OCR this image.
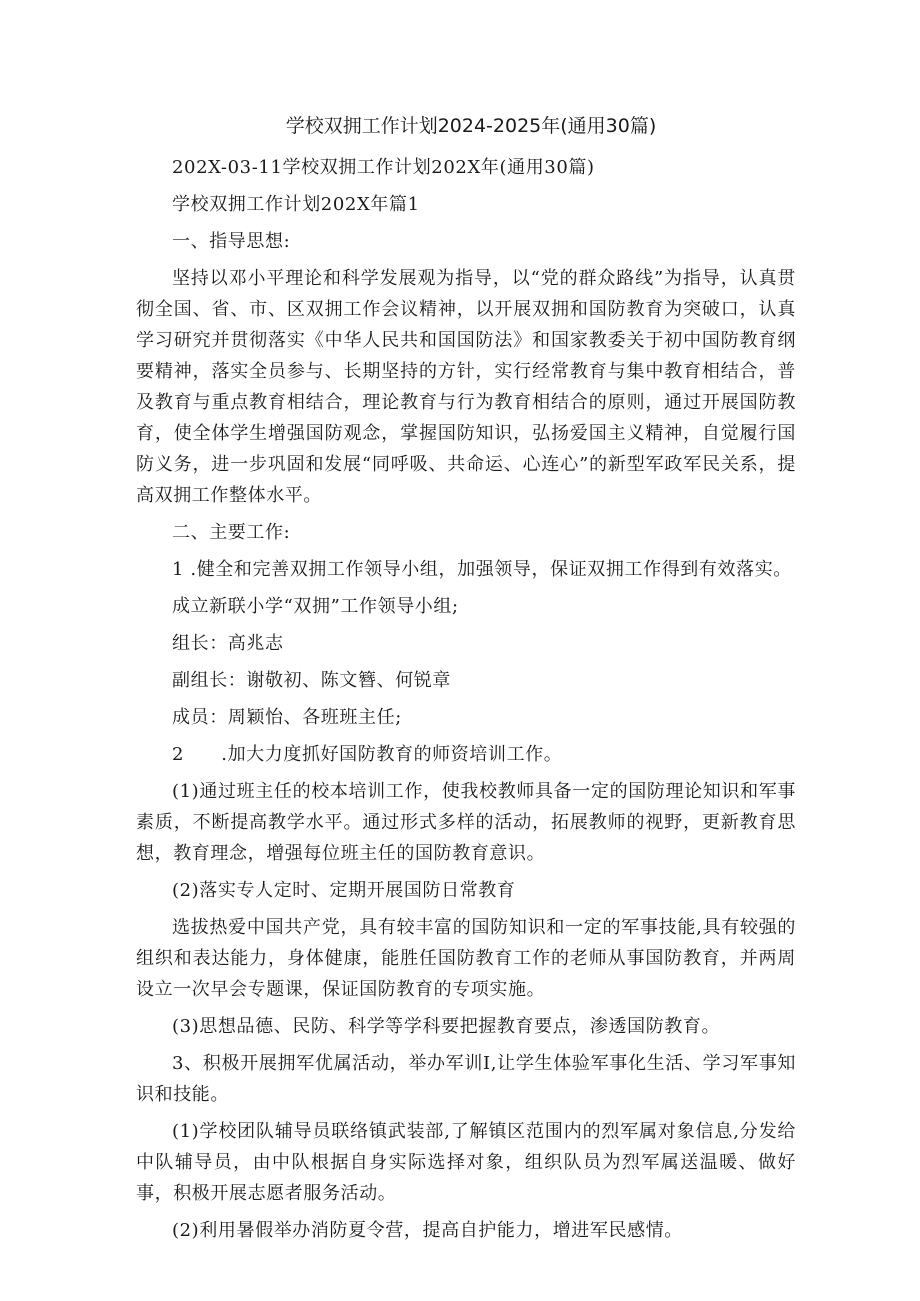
学校双拥工作计划2024-2025年(通用30篇)

202X-03-11学校双拥工作计划202X年(通用30篇)

学校双拥工作计划202X年篇1

一、指导思想:

坚持以邓小平理论和科学发展观为指导，以“党的群众路线”为指导，认真贯彻全国、省、市、区双拥工作会议精神，以开展双拥和国防教育为突破口，认真学习研究并贯彻落实《中华人民共和国国防法》和国家教委关于初中国防教育纲要精神，落实全员参与、长期坚持的方针，实行经常教育与集中教育相结合，普及教育与重点教育相结合，理论教育与行为教育相结合的原则，通过开展国防教育，使全体学生增强国防观念，掌握国防知识，弘扬爱国主义精神，自觉履行国防义务，进一步巩固和发展“同呼吸、共命运、心连心”的新型军政军民关系，提高双拥工作整体水平。

二、主要工作:

1 .健全和完善双拥工作领导小组，加强领导，保证双拥工作得到有效落实。

成立新联小学“双拥”工作领导小组;

组长：高兆志

副组长：谢敬初、陈文簪、何锐章

成员：周颖怡、各班班主任;

2　　.加大力度抓好国防教育的师资培训工作。

(1)通过班主任的校本培训工作，使我校教师具备一定的国防理论知识和军事素质，不断提高教学水平。通过形式多样的活动，拓展教师的视野，更新教育思想，教育理念，增强每位班主任的国防教育意识。

(2)落实专人定时、定期开展国防日常教育

选拔热爱中国共产党，具有较丰富的国防知识和一定的军事技能,具有较强的组织和表达能力，身体健康，能胜任国防教育工作的老师从事国防教育，并两周设立一次早会专题课，保证国防教育的专项实施。

(3)思想品德、民防、科学等学科要把握教育要点，渗透国防教育。

3、积极开展拥军优属活动，举办军训I,让学生体验军事化生活、学习军事知识和技能。

(1)学校团队辅导员联络镇武装部,了解镇区范围内的烈军属对象信息,分发给中队辅导员，由中队根据自身实际选择对象，组织队员为烈军属送温暖、做好事，积极开展志愿者服务活动。

(2)利用暑假举办消防夏令营，提高自护能力，增进军民感情。
